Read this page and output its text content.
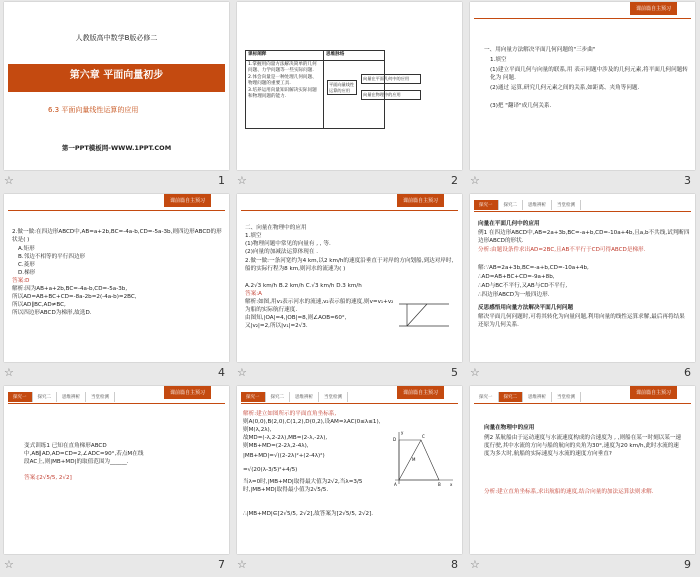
人教版高中数学B版必修二
第六章 平面向量初步
6.3 平面向量线性运算的应用
第一PPT模板网-WWW.1PPT.COM
☆	1
课标阐释	思维脉络

1.掌握用向量方法解决简单的几何问题、力学问题等一些实际问题.
2.体会向量是一种处理几何问题、物理问题的重要工具.
3.培养运用向量知识解决实际问题和物理问题的能力.	

平面向量线性运算的应用
向量在平面几何中的应用
向量在物理中的应用
☆	2
课前篇自主预习
一、用向量方法解决平面几何问题的"三步曲"
1.填空
(1)建立平面几何与向量的联系,用 表示问题中涉及的几何元素,将平面几何问题转化为 问题.
(2)通过 运算,研究几何元素之间的关系,如距离、夹角等问题.
(3)把 "翻译"成几何关系.
☆	3
课前篇自主预习
2.做一做:在四边形ABCD中,AB=a+2b,BC=-4a-b,CD=-5a-3b,则四边形ABCD的形状是( )
A.矩形
B.邻边不相等的平行四边形
C.菱形
D.梯形
答案:D
解析:因为AB+a+2b,BC=-4a-b,CD=-5a-3b,
所以AD=AB+BC+CD=-8a-2b=2(-4a-b)=2BC,
所以AD∥BC,AD≠BC,
所以四边形ABCD为梯形,故选D.
☆	4
课前篇自主预习
二、向量在物理中的应用
1.填空
(1)物理问题中常见的向量有 , , 等.
(2)向量的加减法运算体现在 .
2.做一做:一条河宽约为4 km,以2 km/h的速度沿垂直于对岸的方向划船,到达对岸时,船的实际行程为8 km,则河水的流速为( )
A.2√3 km/h B.2 km/h C.√3 km/h D.3 km/h
答案:A
解析:如图,用v₁表示河水的流速,v₂表示船的速度,则v=v₁+v₂为船的实际航行速度.
由图知,|OA|=4,|OB|=8,则∠AOB=60°,
又|v₂|=2,所以|v₁|=2√3.
☆	5
探究一	探究二	思维辨析	当堂检测
向量在平面几何中的应用
例1 在四边形ABCD中,AB=2a+3b,BC=-a+b,CD=-10a+4b,且a,b不共线,试判断四边形ABCD的形状.
分析:由题设条件求出AD=2BC,且AB不平行于CD可得ABCD是梯形.
解:∵AB=2a+3b,BC=-a+b,CD=-10a+4b,
∴AD=AB+BC+CD=-9a+8b,
∴AD与BC不平行,又AB与CD不平行,
∴四边形ABCD为一般四边形.
反思感悟用向量方法解决平面几何问题
解决平面几何问题时,可将其转化为向量问题,利用向量的线性运算求解,最后再将结果还原为几何关系.
☆	6
探究一	探究二	思维辨析	当堂检测
课前篇自主预习
变式训练1 已知在直角梯形ABCD中,AB∥AD,AD=CD=2,∠ADC=90°,若点M在线段AC上,则|MB+MD|的取值范围为______.
答案:[2√5/5, 2√2]
☆	7
探究一	探究二	思维辨析	当堂检测
课前篇自主预习
解析:建立如图所示的平面直角坐标系,
则A(0,0),B(2,0),C(1,2),D(0,2),设AM=λAC(0≤λ≤1),则M(λ,2λ),
故MD=(-λ,2-2λ),MB=(2-λ,-2λ),
则MB+MD=(2-2λ,2-4λ),
|MB+MD|=√((2-2λ)²+(2-4λ)²)
=√(20(λ-3/5)²+4/5)
当λ=0时,|MB+MD|取得最大值为2√2,当λ=3/5时,|MB+MD|取得最小值为2√5/5.
∴|MB+MD|∈[2√5/5, 2√2],故答案为[2√5/5, 2√2].
D
C
A	B
M
x
y
☆	8
探究一	探究二	思维辨析	当堂检测
课前篇自主预习
向量在物理中的应用
例2 某航船由于运动速度与水流速度构成的合速度为 , ,则船在某一时刻以某一速度行驶,其中水流的方向与船的航向的夹角为30°,速度为20 km/h,此时水流的速度为多大时,航船的实际速度与水流的速度方向垂直?
分析:建立直角坐标系,求出航船的速度,结合向量的加法运算法则求解.
☆	9
